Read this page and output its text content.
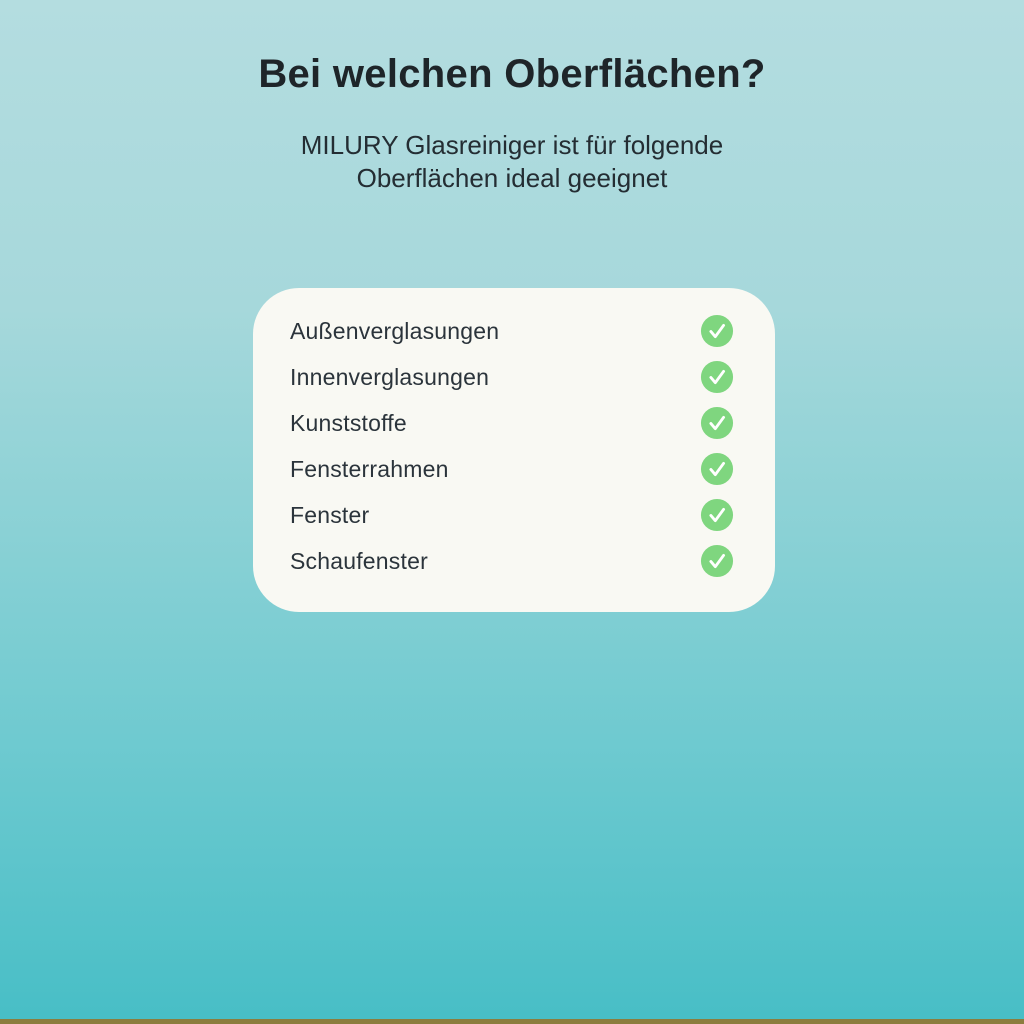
Bei welchen Oberflächen?
MILURY Glasreiniger ist für folgende
Oberflächen ideal geeignet
Außenverglasungen
Innenverglasungen
Kunststoffe
Fensterrahmen
Fenster
Schaufenster
